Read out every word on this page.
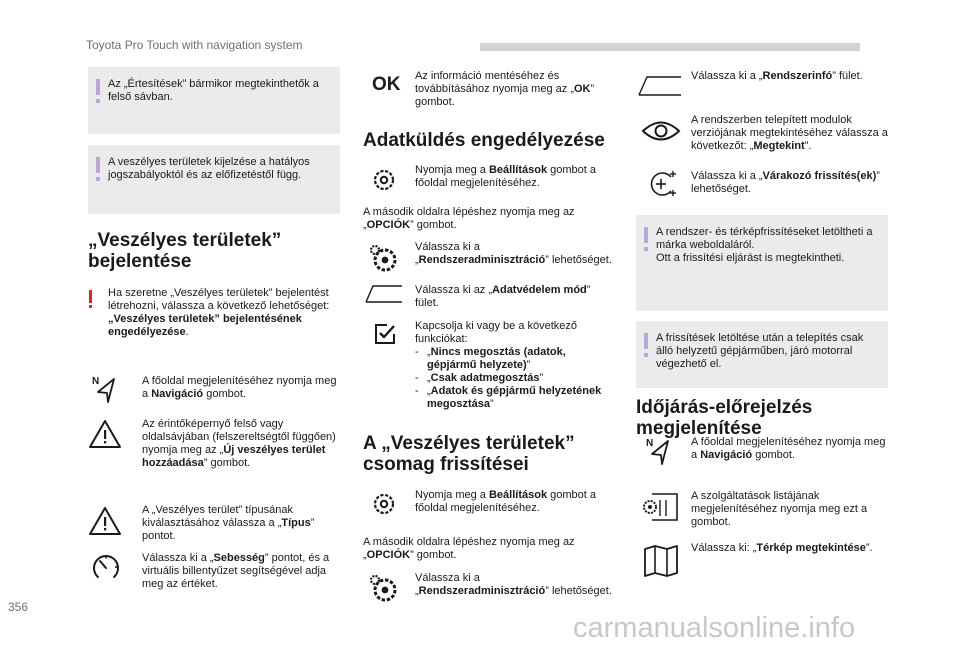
Toyota Pro Touch with navigation system
Az „Értesítések” bármikor megtekinthetők a felső sávban.
A veszélyes területek kijelzése a hatályos jogszabályoktól és az előfizetéstől függ.
„Veszélyes területek” bejelentése
Ha szeretne „Veszélyes területek” bejelentést létrehozni, válassza a következő lehetőséget: „Veszélyes területek” bejelentésének engedélyezése.
N	A főoldal megjelenítéséhez nyomja meg a Navigáció gombot.
Az érintőképernyő felső vagy oldalsávjában (felszereltségtől függően) nyomja meg az „Új veszélyes terület hozzáadása” gombot.
A „Veszélyes terület” típusának kiválasztásához válassza a „Típus” pontot.
Válassza ki a „Sebesség” pontot, és a virtuális billentyűzet segítségével adja meg az értéket.
OK Az információ mentéséhez és továbbításához nyomja meg az „OK” gombot.
Adatküldés engedélyezése
Nyomja meg a Beállítások gombot a főoldal megjelenítéséhez.
A második oldalra lépéshez nyomja meg az „OPCIÓK” gombot.
Válassza ki a „Rendszeradminisztráció” lehetőséget.
Válassza ki az „Adatvédelem mód” fület.
Kapcsolja ki vagy be a következő funkciókat:
- „Nincs megosztás (adatok, gépjármű helyzete)”
- „Csak adatmegosztás”
- „Adatok és gépjármű helyzetének megosztása”
A „Veszélyes területek” csomag frissítései
Nyomja meg a Beállítások gombot a főoldal megjelenítéséhez.
A második oldalra lépéshez nyomja meg az „OPCIÓK” gombot.
Válassza ki a „Rendszeradminisztráció” lehetőséget.
Válassza ki a „Rendszerinfó” fület.
A rendszerben telepített modulok verziójának megtekintéséhez válassza a következőt: „Megtekint”.
Válassza ki a „Várakozó frissítés(ek)” lehetőséget.
A rendszer- és térképfrissítéseket letöltheti a márka weboldaláról.
Ott a frissítési eljárást is megtekintheti.
A frissítések letöltése után a telepítés csak álló helyzetű gépjárműben, járó motorral végezhető el.
Időjárás-előrejelzés megjelenítése
N	A főoldal megjelenítéséhez nyomja meg a Navigáció gombot.
A szolgáltatások listájának megjelenítéséhez nyomja meg ezt a gombot.
Válassza ki: „Térkép megtekintése”.
356
carmanualsonline.info
